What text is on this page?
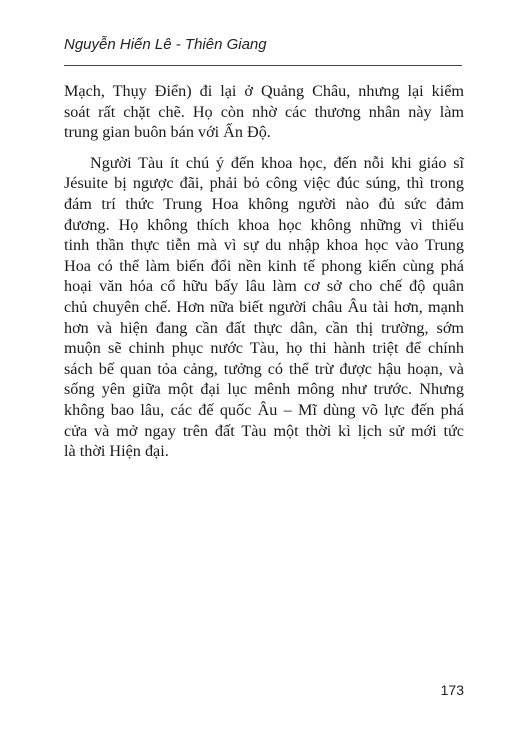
Nguyễn Hiến Lê - Thiên Giang
Mạch, Thụy Điển) đi lại ở Quảng Châu, nhưng lại kiểm
soát rất chặt chẽ. Họ còn nhờ các thương nhân này làm
trung gian buôn bán với Ấn Độ.
Người Tàu ít chú ý đến khoa học, đến nỗi khi giáo sĩ
Jésuite bị ngược đãi, phải bỏ công việc đúc súng, thì trong
đám trí thức Trung Hoa không người nào đủ sức đảm
đương. Họ không thích khoa học không những vì thiếu
tinh thần thực tiễn mà vì sự du nhập khoa học vào Trung
Hoa có thể làm biến đổi nền kinh tế phong kiến cùng phá
hoại văn hóa cổ hữu bấy lâu làm cơ sở cho chế độ quân
chủ chuyên chế. Hơn nữa biết người châu Âu tài hơn, mạnh
hơn và hiện đang cần đất thực dân, cần thị trường, sớm
muộn sẽ chinh phục nước Tàu, họ thi hành triệt để chính
sách bế quan tỏa cảng, tưởng có thể trừ được hậu hoạn, và
sống yên giữa một đại lục mênh mông như trước. Nhưng
không bao lâu, các đế quốc Âu – Mĩ dùng võ lực đến phá
cửa và mở ngay trên đất Tàu một thời kì lịch sử mới tức
là thời Hiện đại.
173
